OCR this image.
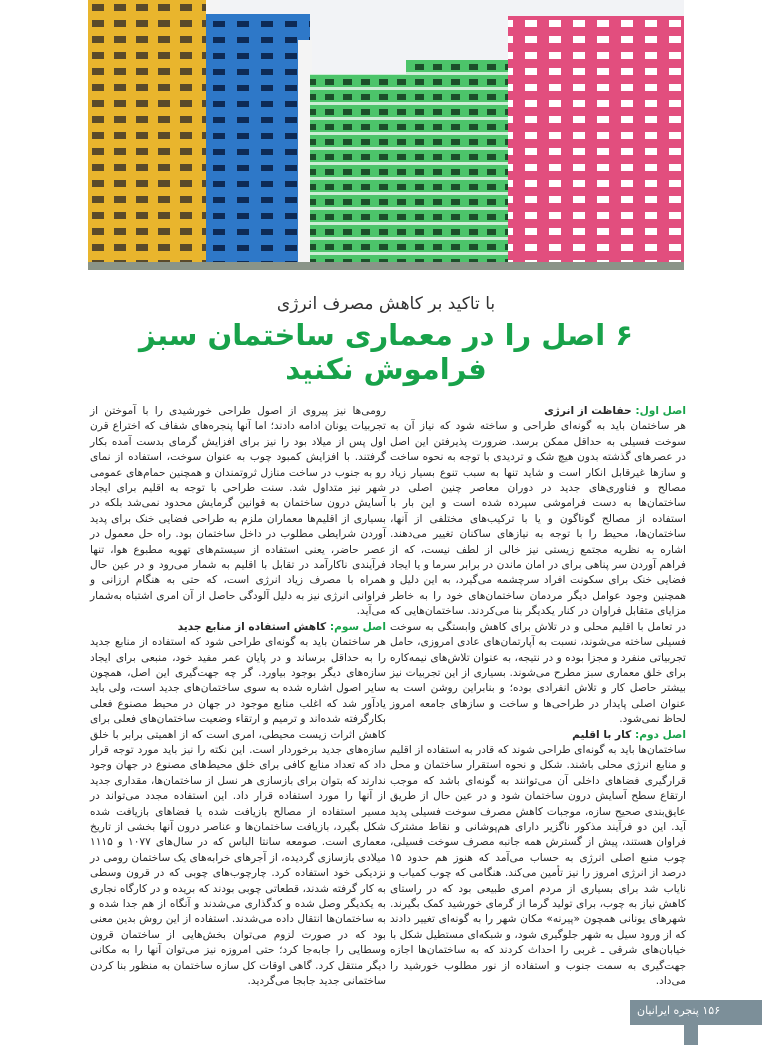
با تاکید بر کاهش مصرف انرژی
۶ اصل را در معماری ساختمان سبز فراموش نکنید

اصل اول: حفاظت از انرژی

هر ساختمان باید به گونه‌ای طراحی و ساخته شود که نیاز آن به سوخت فسیلی به حداقل ممکن برسد. ضرورت پذیرفتن این اصل در عصرهای گذشته بدون هیچ شک و تردیدی با توجه به نحوه ساخت و سازها غیرقابل انکار است و شاید تنها به سبب تنوع بسیار زیاد مصالح و فناوری‌های جدید در دوران معاصر چنین اصلی در ساختمان‌ها به دست فراموشی سپرده شده است و این بار با استفاده از مصالح گوناگون و یا با ترکیب‌های مختلفی از آنها، ساختمان‌ها، محیط را با توجه به نیازهای ساکنان تغییر می‌دهند. اشاره به نظریه مجتمع زیستی نیز خالی از لطف نیست، که از فراهم آوردن سر پناهی برای در امان ماندن در برابر سرما و یا ایجاد فضایی خنک برای سکونت افراد سرچشمه می‌گیرد، به این دلیل و همچنین وجود عوامل دیگر مردمان ساختمان‌های خود را به خاطر مزایای متقابل فراوان در کنار یکدیگر بنا می‌کردند. ساختمان‌هایی که در تعامل با اقلیم محلی و در تلاش برای کاهش وابستگی به سوخت فسیلی ساخته می‌شوند، نسبت به آپارتمان‌های عادی امروزی، حامل تجربیاتی منفرد و مجزا بوده و در نتیجه، به عنوان تلاش‌های نیمه‌کاره برای خلق معماری سبز مطرح می‌شوند. بسیاری از این تجربیات نیز بیشتر حاصل کار و تلاش انفرادی بوده؛ و بنابراین روشن است به عنوان اصلی پایدار در طراحی‌ها و ساخت و سازهای جامعه امروز لحاظ نمی‌شود.

اصل دوم: کار با اقلیم

ساختمان‌ها باید به گونه‌ای طراحی شوند که قادر به استفاده از اقلیم و منابع انرژی محلی باشند. شکل و نحوه استقرار ساختمان و محل قرارگیری فضاهای داخلی آن می‌توانند به گونه‌ای باشد که موجب ارتقاع سطح آسایش درون ساختمان شود و در عین حال از طریق عایق‌بندی صحیح سازه، موجبات کاهش مصرف سوخت فسیلی پدید آید. این دو فرآیند مذکور ناگزیر دارای هم‌پوشانی و نقاط مشترک فراوان هستند، پیش از گسترش همه جانبه مصرف سوخت فسیلی، چوب منبع اصلی انرژی به حساب می‌آمد که هنوز هم حدود ۱۵ درصد از انرژی امروز را نیز تأمین می‌کند. هنگامی که چوب کمیاب و نایاب شد برای بسیاری از مردم امری طبیعی بود که در راستای کاهش نیاز به چوب، برای تولید گرما از گرمای خورشید کمک بگیرند. شهرهای یونانی همچون «پیرنه» مکان شهر را به گونه‌ای تغییر دادند که از ورود سیل به شهر جلوگیری شود، و شبکه‌ای مستطیل شکل با خیابان‌های شرقی ـ غربی را احداث کردند که به ساختمان‌ها اجازه جهت‌گیری به سمت جنوب و استفاده از نور مطلوب خورشید را می‌داد.

رومی‌ها نیز پیروی از اصول طراحی خورشیدی را با آموختن از تجربیات یونان ادامه دادند؛ اما آنها پنجره‌های شفاف که اختراع قرن اول پس از میلاد بود را نیز برای افزایش گرمای بدست آمده بکار گرفتند. با افزایش کمبود چوب به عنوان سوخت، استفاده از نمای رو به جنوب در ساخت منازل ثروتمندان و همچنین حمام‌های عمومی شهر نیز متداول شد. سنت طراحی با توجه به اقلیم برای ایجاد آسایش درون ساختمان به قوانین گرمایش محدود نمی‌شد بلکه در بسیاری از اقلیم‌ها معماران ملزم به طراحی فضایی خنک برای پدید آوردن شرایطی مطلوب در داخل ساختمان بود. راه حل معمول در عصر حاضر، یعنی استفاده از سیستم‌های تهویه مطبوع هوا، تنها فرآیندی ناکارآمد در تقابل با اقلیم به شمار می‌رود و در عین حال همراه با مصرف زیاد انرژی است، که حتی به هنگام ارزانی و فراوانی انرژی نیز به دلیل آلودگی حاصل از آن امری اشتباه به‌شمار می‌آید.

اصل سوم: کاهش استفاده از منابع جدید

هر ساختمان باید به گونه‌ای طراحی شود که استفاده از منابع جدید را به حداقل برساند و در پایان عمر مفید خود، منبعی برای ایجاد سازه‌های دیگر بوجود بیاورد. گر چه جهت‌گیری این اصل، همچون سایر اصول اشاره شده به سوی ساختمان‌های جدید است، ولی باید یادآور شد که اغلب منابع موجود در جهان در محیط مصنوع فعلی بکارگرفته شده‌اند و ترمیم و ارتقاء وضعیت ساختمان‌های فعلی برای کاهش اثرات زیست محیطی، امری است که از اهمیتی برابر با خلق سازه‌های جدید برخوردار است. این نکته را نیز باید مورد توجه قرار داد که تعداد منابع کافی برای خلق محیط‌های مصنوع در جهان وجود ندارند که بتوان برای بازسازی هر نسل از ساختمان‌ها، مقداری جدید از آنها را مورد استفاده قرار داد. این استفاده مجدد می‌تواند در مسیر استفاده از مصالح بازیافت شده یا فضاهای بازیافت شده شکل بگیرد، بازیافت ساختمان‌ها و عناصر درون آنها بخشی از تاریخ معماری است. صومعه سانتا الباس که در سال‌های ۱۰۷۷ و ۱۱۱۵ میلادی بازسازی گردیده، از آجرهای خرابه‌های یک ساختمان رومی در نزدیکی خود استفاده کرد. چارچوب‌های چوبی که در قرون وسطی به کار گرفته شدند، قطعاتی چوبی بودند که بریده و در کارگاه نجاری به یکدیگر وصل شده و کدگذاری می‌شدند و آنگاه از هم جدا شده و به ساختمان‌ها انتقال داده می‌شدند. استفاده از این روش بدین معنی بود که در صورت لزوم می‌توان بخش‌هایی از ساختمان قرون وسطایی را جابه‌جا کرد؛ حتی امروزه نیز می‌توان آنها را به مکانی دیگر منتقل کرد. گاهی اوقات کل سازه ساختمان به منظور بنا کردن ساختمانی جدید جابجا می‌گردید.

۱۵۶ پنجره ایرانیان
